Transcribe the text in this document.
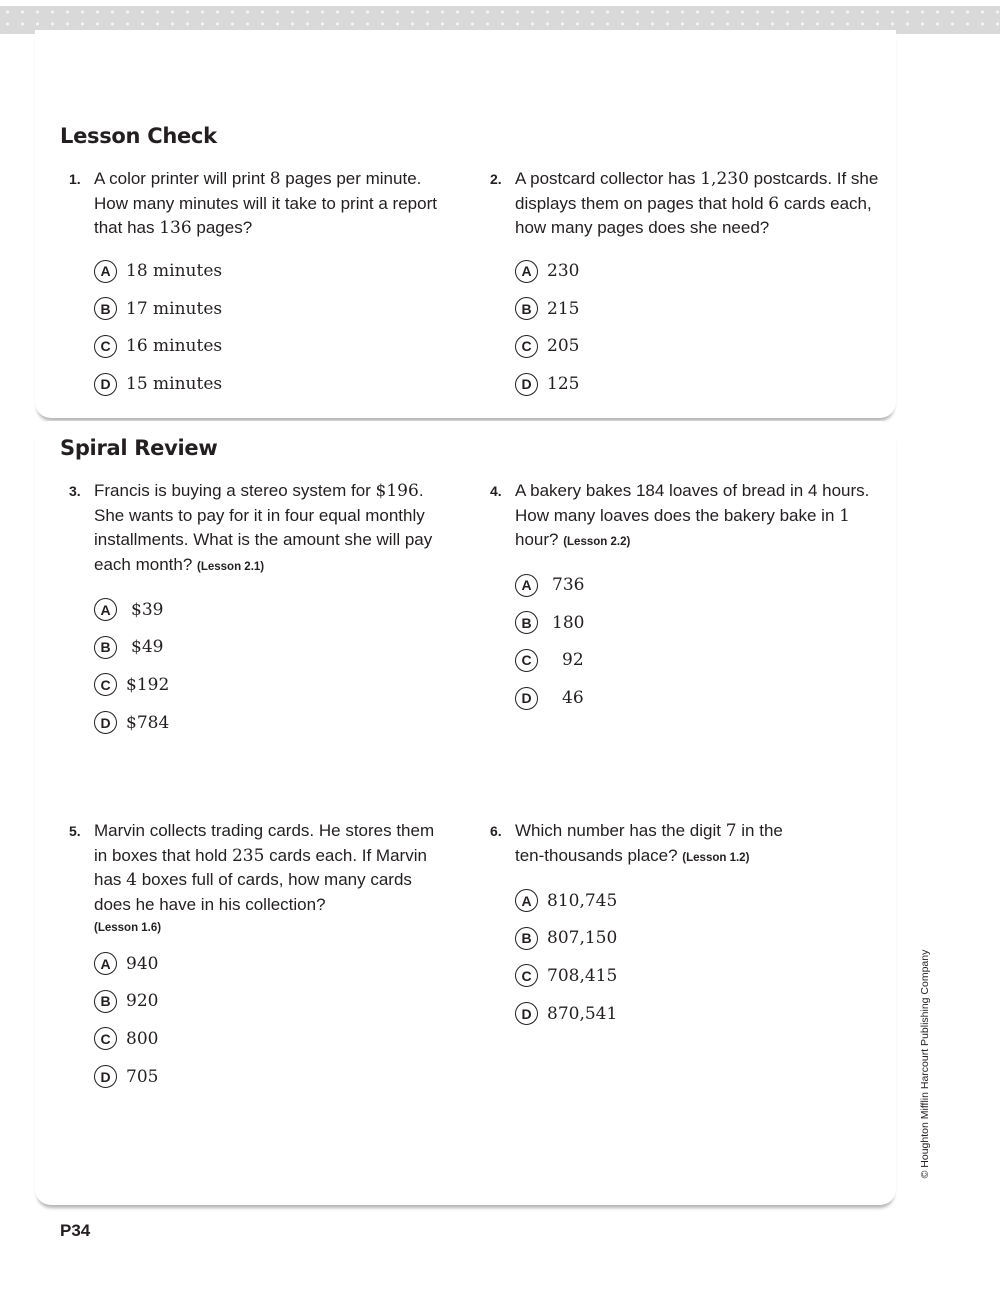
Lesson Check
1. A color printer will print 8 pages per minute. How many minutes will it take to print a report that has 136 pages?
A 18 minutes
B 17 minutes
C 16 minutes
D 15 minutes
2. A postcard collector has 1,230 postcards. If she displays them on pages that hold 6 cards each, how many pages does she need?
A 230
B 215
C 205
D 125
Spiral Review
3. Francis is buying a stereo system for $196. She wants to pay for it in four equal monthly installments. What is the amount she will pay each month? (Lesson 2.1)
A	$39
B	$49
C $192
D $784
4. A bakery bakes 184 loaves of bread in 4 hours. How many loaves does the bakery bake in 1 hour? (Lesson 2.2)
A	736
B	180
C	92
D	46
5. Marvin collects trading cards. He stores them in boxes that hold 235 cards each. If Marvin has 4 boxes full of cards, how many cards does he have in his collection?
(Lesson 1.6)
A 940
B 920
C 800
D 705
6. Which number has the digit 7 in the ten-thousands place? (Lesson 1.2)
A 810,745
B 807,150
C 708,415
D 870,541	© Houghton Mifflin Harcourt Publishing Company
P34
